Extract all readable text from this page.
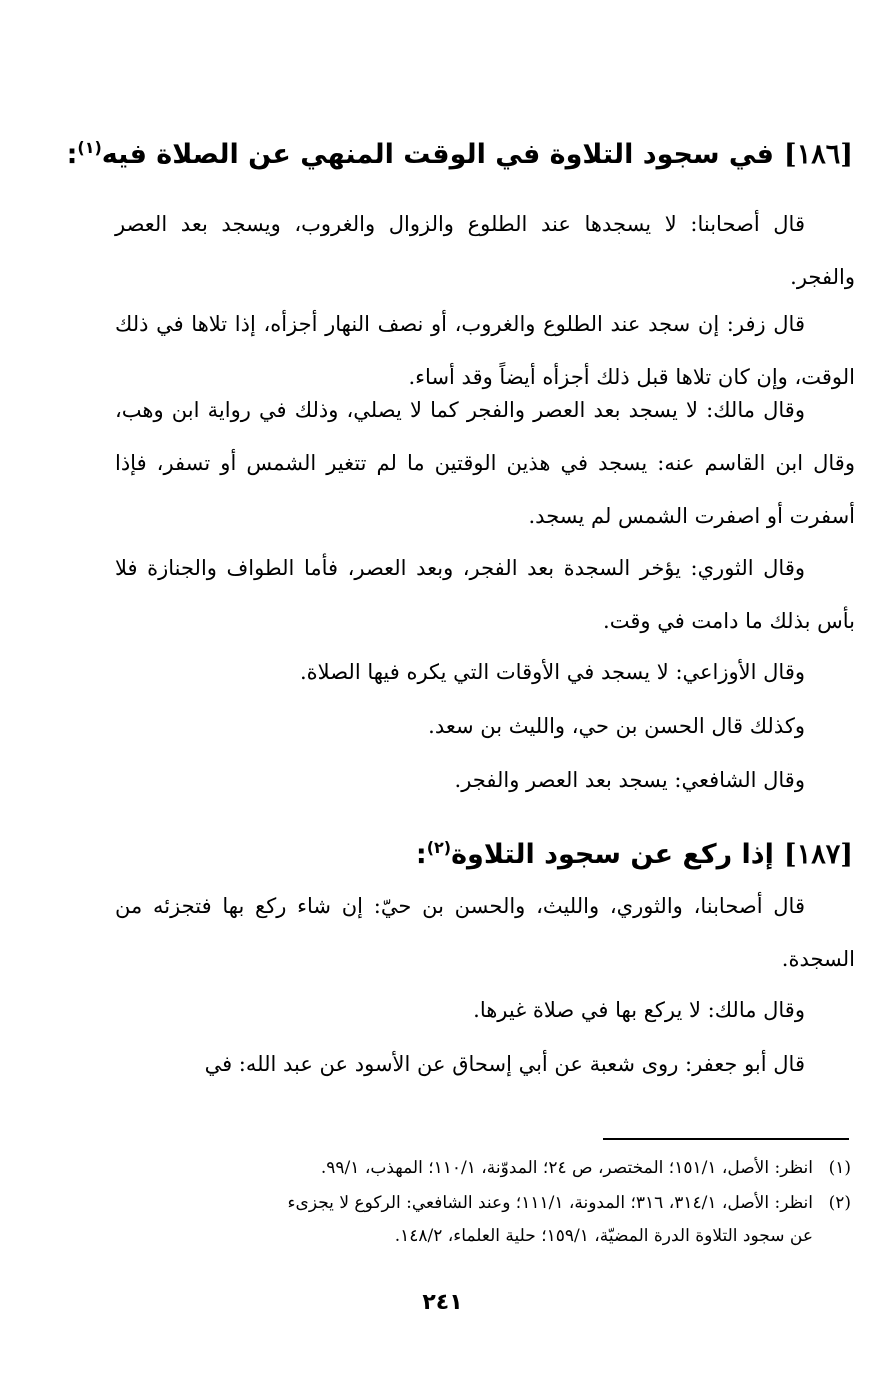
[١٨٦]في سجود التلاوة في الوقت المنهي عن الصلاة فيه$^{(١)}$:
قال أصحابنا: لا يسجدها عند الطلوع والزوال والغروب، ويسجد بعد العصر والفجر.
قال زفر: إن سجد عند الطلوع والغروب، أو نصف النهار أجزأه، إذا تلاها في ذلك الوقت، وإن كان تلاها قبل ذلك أجزأه أيضاً وقد أساء.
وقال مالك: لا يسجد بعد العصر والفجر كما لا يصلي، وذلك في رواية ابن وهب، وقال ابن القاسم عنه: يسجد في هذين الوقتين ما لم تتغير الشمس أو تسفر، فإذا أسفرت أو اصفرت الشمس لم يسجد.
وقال الثوري: يؤخر السجدة بعد الفجر، وبعد العصر، فأما الطواف والجنازة فلا بأس بذلك ما دامت في وقت.
وقال الأوزاعي: لا يسجد في الأوقات التي يكره فيها الصلاة.
وكذلك قال الحسن بن حي، والليث بن سعد.
وقال الشافعي: يسجد بعد العصر والفجر.
[١٨٧]إذا ركع عن سجود التلاوة$^{(٢)}$:
قال أصحابنا، والثوري، والليث، والحسن بن حيّ: إن شاء ركع بها فتجزئه من السجدة.
وقال مالك: لا يركع بها في صلاة غيرها.
قال أبو جعفر: روى شعبة عن أبي إسحاق عن الأسود عن عبد الله: في
(١)انظر: الأصل، ١٥١/١؛ المختصر، ص ٢٤؛ المدوّنة، ١١٠/١؛ المهذب، ٩٩/١.
(٢)انظر: الأصل، ٣١٤/١، ٣١٦؛ المدونة، ١١١/١؛ وعند الشافعي: الركوع لا يجزىء
عن سجود التلاوة الدرة المضيّة، ١٥٩/١؛ حلية العلماء، ١٤٨/٢.
٢٤١
